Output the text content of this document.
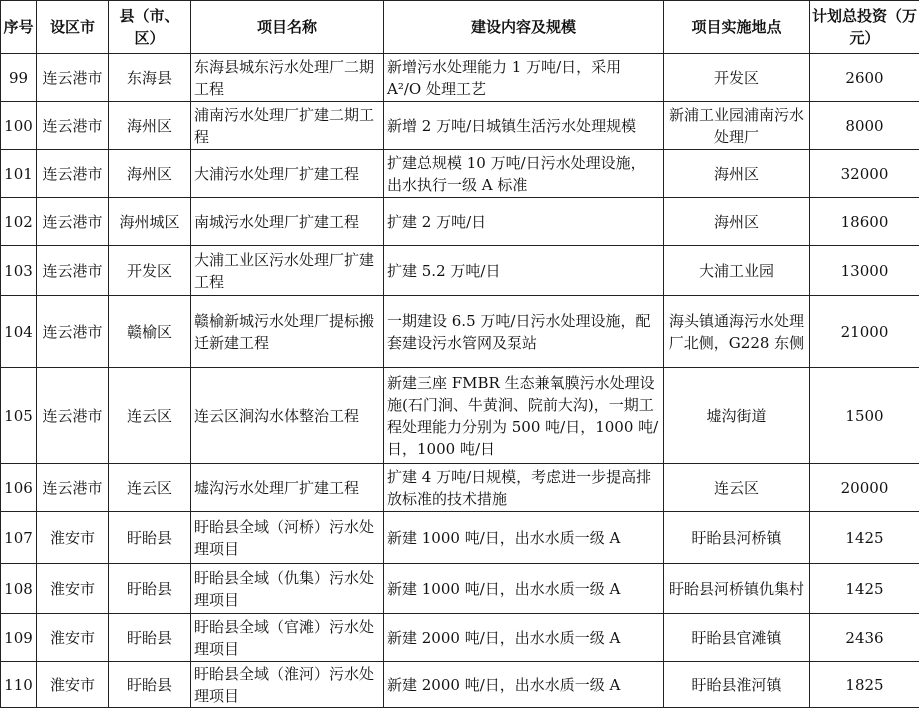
序号	设区市	县（市、区）	项目名称	建设内容及规模	项目实施地点	计划总投资（万元）
99	连云港市	东海县	东海县城东污水处理厂二期工程	新增污水处理能力 1 万吨/日，采用 A²/O 处理工艺	开发区	2600
100	连云港市	海州区	浦南污水处理厂扩建二期工程	新增 2 万吨/日城镇生活污水处理规模	新浦工业园浦南污水处理厂	8000
101	连云港市	海州区	大浦污水处理厂扩建工程	扩建总规模 10 万吨/日污水处理设施，出水执行一级 A 标准	海州区	32000
102	连云港市	海州城区	南城污水处理厂扩建工程	扩建 2 万吨/日	海州区	18600
103	连云港市	开发区	大浦工业区污水处理厂扩建工程	扩建 5.2 万吨/日	大浦工业园	13000
104	连云港市	赣榆区	赣榆新城污水处理厂提标搬迁新建工程	一期建设 6.5 万吨/日污水处理设施，配套建设污水管网及泵站	海头镇通海污水处理厂北侧，G228 东侧	21000
105	连云港市	连云区	连云区涧沟水体整治工程	新建三座 FMBR 生态兼氧膜污水处理设施(石门涧、牛黄涧、院前大沟)，一期工程处理能力分别为 500 吨/日，1000 吨/日，1000 吨/日	墟沟街道	1500
106	连云港市	连云区	墟沟污水处理厂扩建工程	扩建 4 万吨/日规模，考虑进一步提高排放标准的技术措施	连云区	20000
107	淮安市	盱眙县	盱眙县全域（河桥）污水处理项目	新建 1000 吨/日，出水水质一级 A	盱眙县河桥镇	1425
108	淮安市	盱眙县	盱眙县全域（仇集）污水处理项目	新建 1000 吨/日，出水水质一级 A	盱眙县河桥镇仇集村	1425
109	淮安市	盱眙县	盱眙县全域（官滩）污水处理项目	新建 2000 吨/日，出水水质一级 A	盱眙县官滩镇	2436
110	淮安市	盱眙县	盱眙县全域（淮河）污水处理项目	新建 2000 吨/日，出水水质一级 A	盱眙县淮河镇	1825
